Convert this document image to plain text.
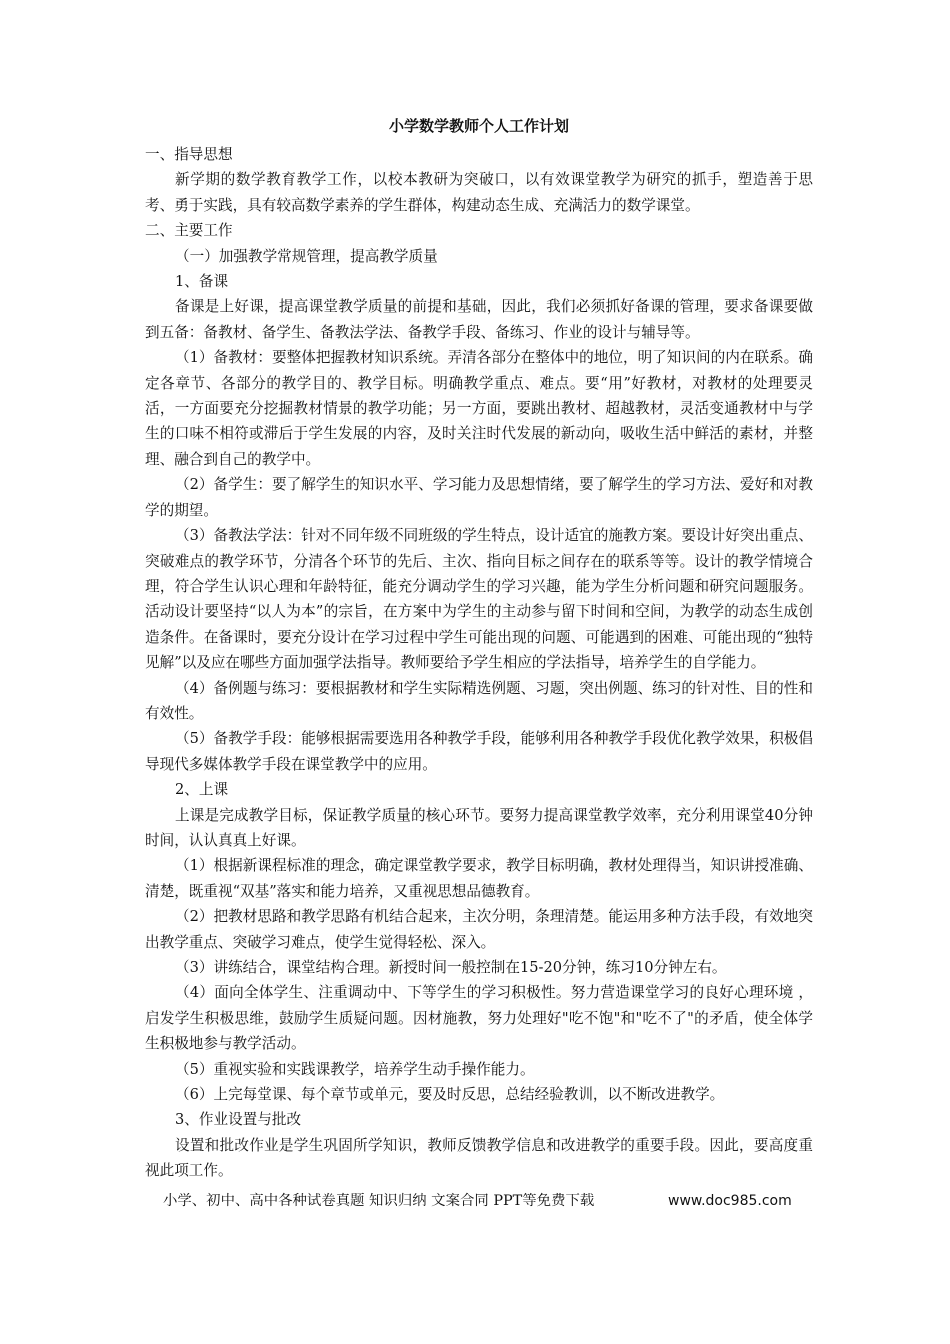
小学数学教师个人工作计划

一、指导思想

新学期的数学教育教学工作，以校本教研为突破口，以有效课堂教学为研究的抓手，塑造善于思考、勇于实践，具有较高数学素养的学生群体，构建动态生成、充满活力的数学课堂。

二、主要工作

（一）加强教学常规管理，提高教学质量

1、备课

备课是上好课，提高课堂教学质量的前提和基础，因此，我们必须抓好备课的管理，要求备课要做到五备：备教材、备学生、备教法学法、备教学手段、备练习、作业的设计与辅导等。

（1）备教材：要整体把握教材知识系统。弄清各部分在整体中的地位，明了知识间的内在联系。确定各章节、各部分的教学目的、教学目标。明确教学重点、难点。要“用”好教材，对教材的处理要灵活，一方面要充分挖掘教材情景的教学功能；另一方面，要跳出教材、超越教材，灵活变通教材中与学生的口味不相符或滞后于学生发展的内容，及时关注时代发展的新动向，吸收生活中鲜活的素材，并整理、融合到自己的教学中。

（2）备学生：要了解学生的知识水平、学习能力及思想情绪，要了解学生的学习方法、爱好和对教学的期望。

（3）备教法学法：针对不同年级不同班级的学生特点，设计适宜的施教方案。要设计好突出重点、突破难点的教学环节，分清各个环节的先后、主次、指向目标之间存在的联系等等。设计的教学情境合理，符合学生认识心理和年龄特征，能充分调动学生的学习兴趣，能为学生分析问题和研究问题服务。活动设计要坚持“以人为本”的宗旨，在方案中为学生的主动参与留下时间和空间，为教学的动态生成创造条件。在备课时，要充分设计在学习过程中学生可能出现的问题、可能遇到的困难、可能出现的“独特见解”以及应在哪些方面加强学法指导。教师要给予学生相应的学法指导，培养学生的自学能力。

（4）备例题与练习：要根据教材和学生实际精选例题、习题，突出例题、练习的针对性、目的性和有效性。

（5）备教学手段：能够根据需要选用各种教学手段，能够利用各种教学手段优化教学效果，积极倡导现代多媒体教学手段在课堂教学中的应用。

2、上课

上课是完成教学目标，保证教学质量的核心环节。要努力提高课堂教学效率，充分利用课堂40分钟时间，认认真真上好课。

（1）根据新课程标准的理念，确定课堂教学要求，教学目标明确，教材处理得当，知识讲授准确、清楚，既重视“双基”落实和能力培养，又重视思想品德教育。

（2）把教材思路和教学思路有机结合起来，主次分明，条理清楚。能运用多种方法手段，有效地突出教学重点、突破学习难点，使学生觉得轻松、深入。

（3）讲练结合，课堂结构合理。新授时间一般控制在15-20分钟，练习10分钟左右。

（4）面向全体学生、注重调动中、下等学生的学习积极性。努力营造课堂学习的良好心理环境 ，启发学生积极思维，鼓励学生质疑问题。因材施教，努力处理好"吃不饱"和"吃不了"的矛盾，使全体学生积极地参与教学活动。

（5）重视实验和实践课教学，培养学生动手操作能力。

（6）上完每堂课、每个章节或单元，要及时反思，总结经验教训，以不断改进教学。

3、作业设置与批改

设置和批改作业是学生巩固所学知识，教师反馈教学信息和改进教学的重要手段。因此，要高度重视此项工作。

小学、初中、高中各种试卷真题 知识归纳 文案合同 PPT等免费下载	www.doc985.com
